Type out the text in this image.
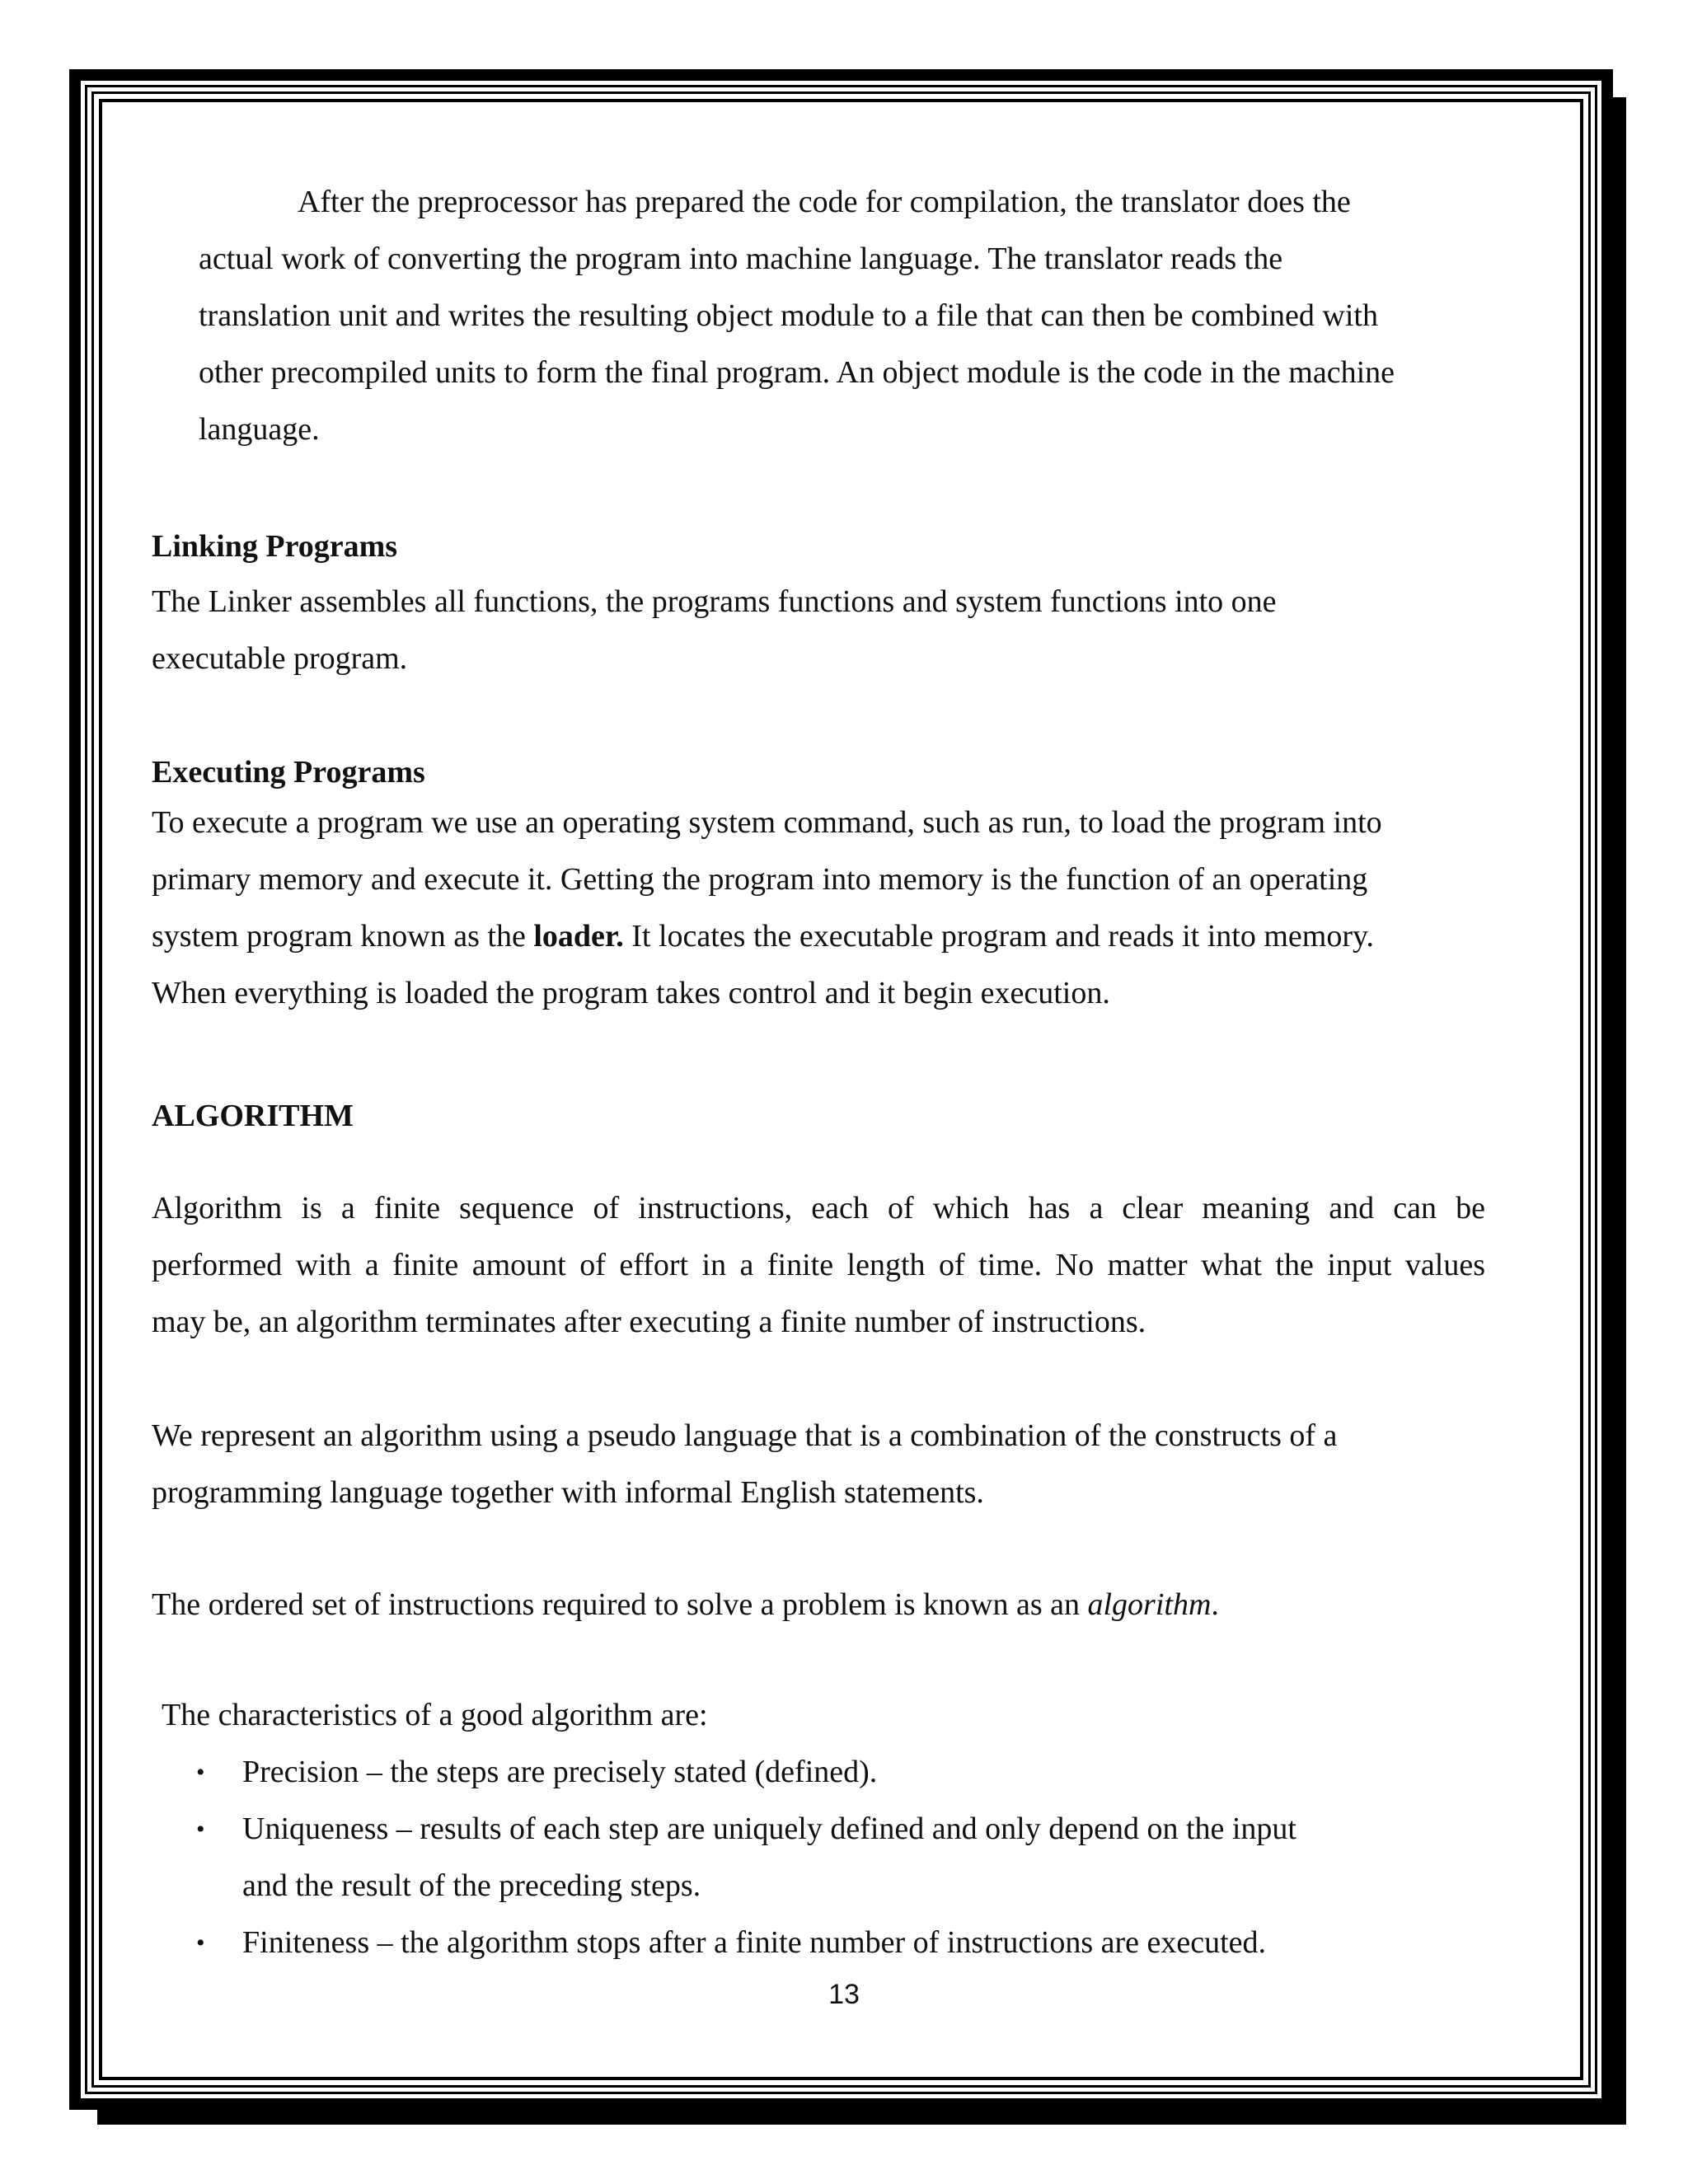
After the preprocessor has prepared the code for compilation, the translator does the
actual work of converting the program into machine language. The translator reads the
translation unit and writes the resulting object module to a file that can then be combined with
other precompiled units to form the final program. An object module is the code in the machine
language.

Linking Programs

The Linker assembles all functions, the programs functions and system functions into one
executable program.

Executing Programs

To execute a program we use an operating system command, such as run, to load the program into
primary memory and execute it. Getting the program into memory is the function of an operating
system program known as the loader. It locates the executable program and reads it into memory.
When everything is loaded the program takes control and it begin execution.

ALGORITHM

Algorithm is a finite sequence of instructions, each of which has a clear meaning and can be
performed with a finite amount of effort in a finite length of time. No matter what the input values
may be, an algorithm terminates after executing a finite number of instructions.

We represent an algorithm using a pseudo language that is a combination of the constructs of a
programming language together with informal English statements.

The ordered set of instructions required to solve a problem is known as an algorithm.

The characteristics of a good algorithm are:

• Precision – the steps are precisely stated (defined).
• Uniqueness – results of each step are uniquely defined and only depend on the input
and the result of the preceding steps.
• Finiteness – the algorithm stops after a finite number of instructions are executed.

13
